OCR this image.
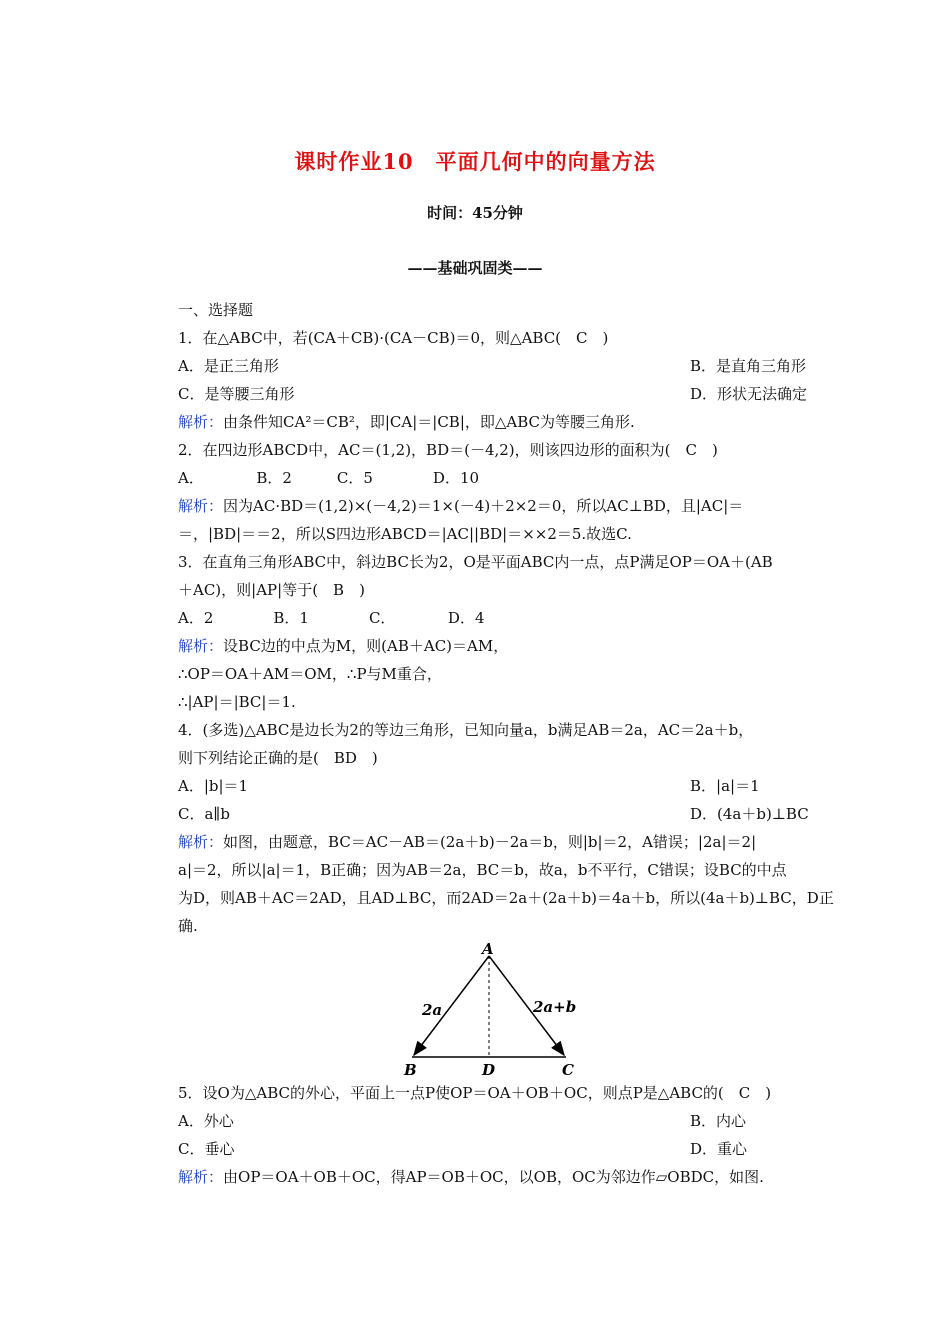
课时作业10　平面几何中的向量方法
时间：45分钟
——基础巩固类——
一、选择题
1．在△ABC中，若(CA＋CB)·(CA－CB)＝0，则△ABC(　C　)
A．是正三角形	B．是直角三角形
C．是等腰三角形	D．形状无法确定
解析：由条件知CA²＝CB²，即|CA|＝|CB|，即△ABC为等腰三角形.
2．在四边形ABCD中，AC＝(1,2)，BD＝(－4,2)，则该四边形的面积为(　C　)
A．　　　　B．2　　　C．5　　　　D．10
解析：因为AC·BD＝(1,2)×(－4,2)＝1×(－4)＋2×2＝0，所以AC⊥BD，且|AC|＝
＝，|BD|＝＝2，所以S四边形ABCD＝|AC||BD|＝××2＝5.故选C.
3．在直角三角形ABC中，斜边BC长为2，O是平面ABC内一点，点P满足OP＝OA＋(AB
＋AC)，则|AP|等于(　B　)
A．2　　　　B．1　　　　C．　　　　D．4
解析：设BC边的中点为M，则(AB＋AC)＝AM，
∴OP＝OA＋AM＝OM，∴P与M重合，
∴|AP|＝|BC|＝1.
4．(多选)△ABC是边长为2的等边三角形，已知向量a，b满足AB＝2a，AC＝2a＋b，
则下列结论正确的是(　BD　)
A．|b|＝1	B．|a|＝1
C．a∥b	D．(4a＋b)⊥BC
解析：如图，由题意，BC＝AC－AB＝(2a＋b)－2a＝b，则|b|＝2，A错误；|2a|＝2|
a|＝2，所以|a|＝1，B正确；因为AB＝2a，BC＝b，故a，b不平行，C错误；设BC的中点
为D，则AB＋AC＝2AD，且AD⊥BC，而2AD＝2a＋(2a＋b)＝4a＋b，所以(4a＋b)⊥BC，D正
确.
A
B	C
D
2a	2a+b
5．设O为△ABC的外心，平面上一点P使OP＝OA＋OB＋OC，则点P是△ABC的(　C　)
A．外心	B．内心
C．垂心	D．重心
解析：由OP＝OA＋OB＋OC，得AP＝OB＋OC，以OB，OC为邻边作▱OBDC，如图.
